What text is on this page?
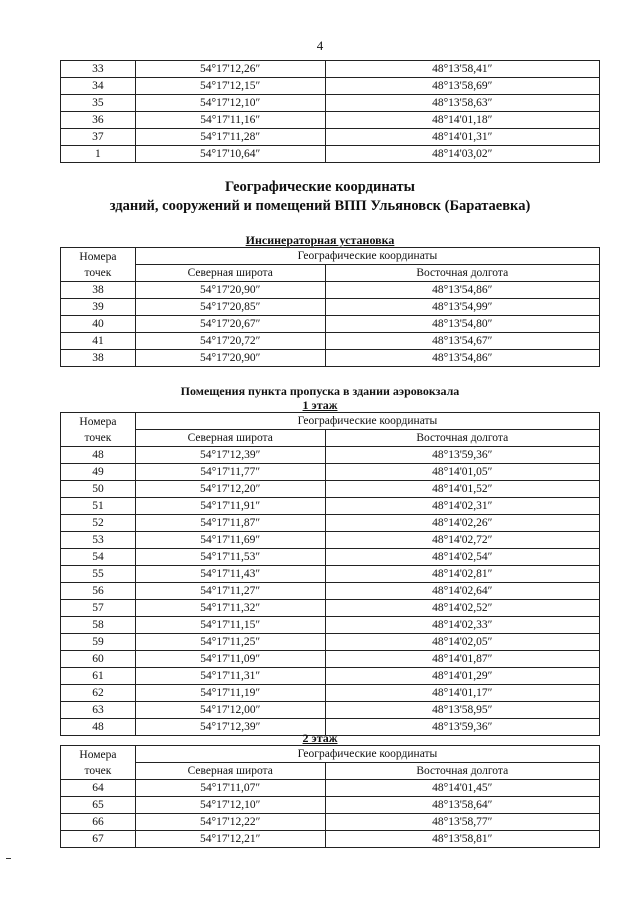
4
33	54°17'12,26″	48°13'58,41″
34	54°17'12,15″	48°13'58,69″
35	54°17'12,10″	48°13'58,63″
36	54°17'11,16″	48°14'01,18″
37	54°17'11,28″	48°14'01,31″
1	54°17'10,64″	48°14'03,02″
Географические координаты
зданий, сооружений и помещений ВПП Ульяновск (Баратаевка)
Инсинераторная установка
Номера
точек	Географические координаты	
	Северная широта	Восточная долгота
38	54°17'20,90″	48°13'54,86″
39	54°17'20,85″	48°13'54,99″
40	54°17'20,67″	48°13'54,80″
41	54°17'20,72″	48°13'54,67″
38	54°17'20,90″	48°13'54,86″
Помещения пункта пропуска в здании аэровокзала
1 этаж
Номера
точек	Географические координаты	
	Северная широта	Восточная долгота
48	54°17'12,39″	48°13'59,36″
49	54°17'11,77″	48°14'01,05″
50	54°17'12,20″	48°14'01,52″
51	54°17'11,91″	48°14'02,31″
52	54°17'11,87″	48°14'02,26″
53	54°17'11,69″	48°14'02,72″
54	54°17'11,53″	48°14'02,54″
55	54°17'11,43″	48°14'02,81″
56	54°17'11,27″	48°14'02,64″
57	54°17'11,32″	48°14'02,52″
58	54°17'11,15″	48°14'02,33″
59	54°17'11,25″	48°14'02,05″
60	54°17'11,09″	48°14'01,87″
61	54°17'11,31″	48°14'01,29″
62	54°17'11,19″	48°14'01,17″
63	54°17'12,00″	48°13'58,95″
48	54°17'12,39″	48°13'59,36″
2 этаж
Номера
точек	Географические координаты	
	Северная широта	Восточная долгота
64	54°17'11,07″	48°14'01,45″
65	54°17'12,10″	48°13'58,64″
66	54°17'12,22″	48°13'58,77″
67	54°17'12,21″	48°13'58,81″
